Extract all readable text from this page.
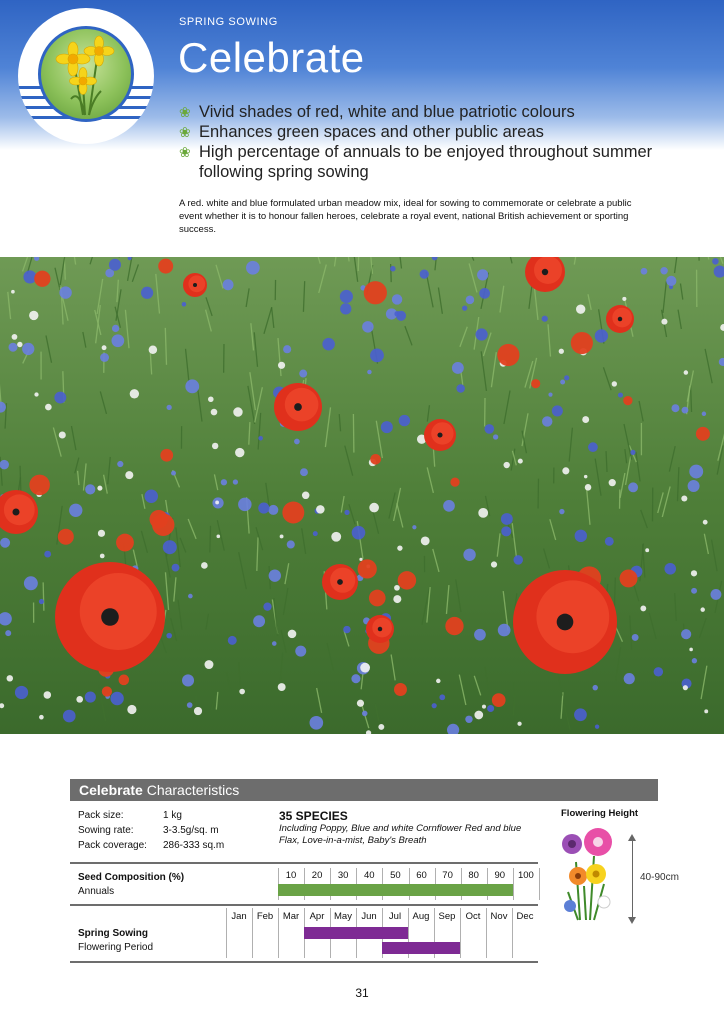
SPRING SOWING
Celebrate
❀ Vivid shades of red, white and blue patriotic colours
❀ Enhances green spaces and other public areas
❀ High percentage of annuals to be enjoyed throughout summer following spring sowing

A red. white and blue formulated urban meadow mix, ideal for sowing to commemorate or celebrate a public event whether it is to honour fallen heroes, celebrate a royal event, national British achievement or sporting success.

Celebrate Characteristics
Pack size:	1 kg
Sowing rate:	3-3.5g/sq. m
Pack coverage: 286-333 sq.m
35 SPECIES
Including Poppy, Blue and white Cornflower Red and blue Flax, Love-in-a-mist, Baby's Breath
Seed Composition (%)
Annuals
10	20	30	40	50	60	70	80	90	100
Jan	Feb	Mar	Apr	May Jun	Jul	Aug Sep	Oct	Nov Dec
Spring Sowing
Flowering Period
Flowering Height
40-90cm
31
